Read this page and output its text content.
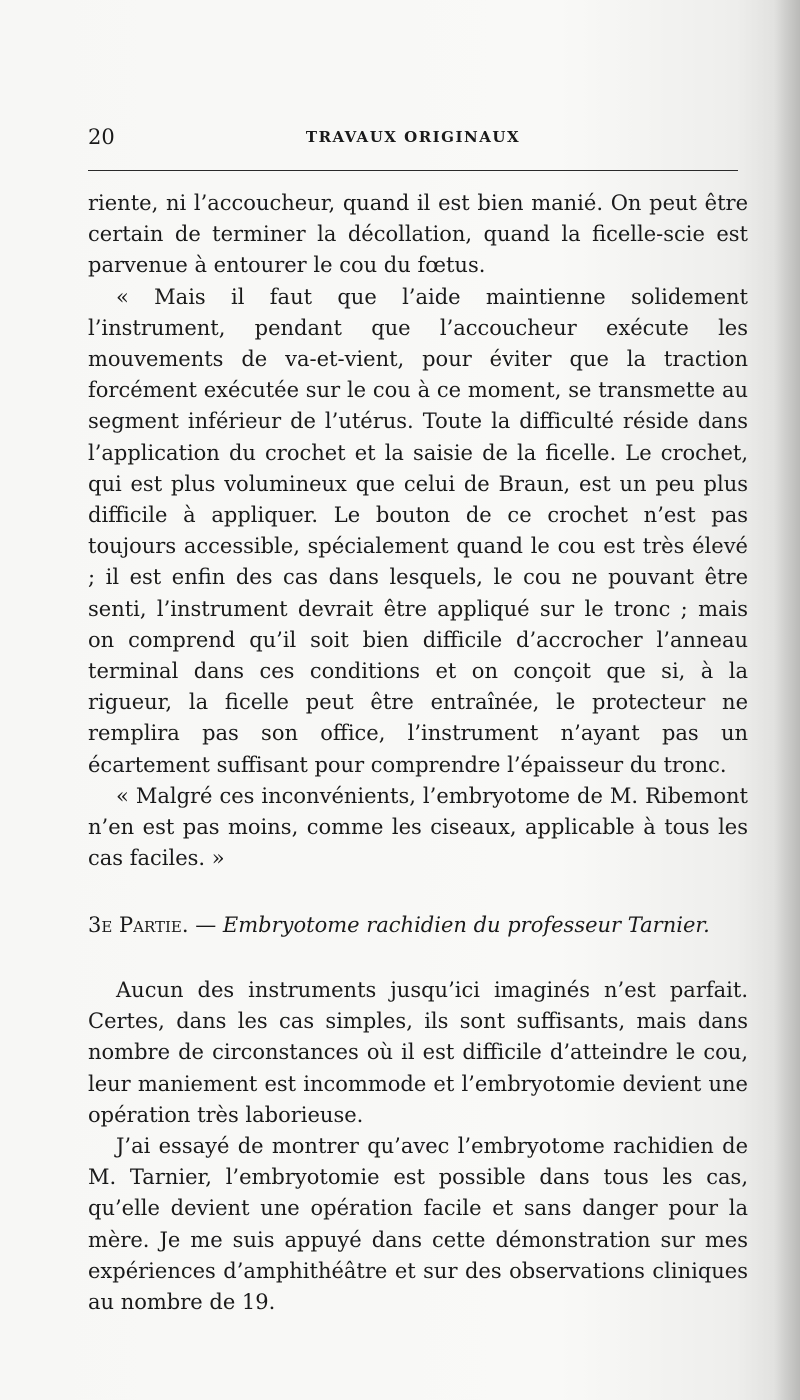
20	TRAVAUX ORIGINAUX

riente, ni l’accoucheur, quand il est bien manié. On peut être certain de terminer la décollation, quand la ficelle-scie est parvenue à entourer le cou du fœtus.

« Mais il faut que l’aide maintienne solidement l’instrument, pendant que l’accoucheur exécute les mouvements de va-et-vient, pour éviter que la traction forcément exécutée sur le cou à ce moment, se transmette au segment inférieur de l’utérus. Toute la difficulté réside dans l’application du crochet et la saisie de la ficelle. Le crochet, qui est plus volumineux que celui de Braun, est un peu plus difficile à appliquer. Le bouton de ce crochet n’est pas toujours accessible, spécialement quand le cou est très élevé ; il est enfin des cas dans lesquels, le cou ne pouvant être senti, l’instrument devrait être appliqué sur le tronc ; mais on comprend qu’il soit bien difficile d’accrocher l’anneau terminal dans ces conditions et on conçoit que si, à la rigueur, la ficelle peut être entraînée, le protecteur ne remplira pas son office, l’instrument n’ayant pas un écartement suffisant pour comprendre l’épaisseur du tronc.

« Malgré ces inconvénients, l’embryotome de M. Ribemont n’en est pas moins, comme les ciseaux, applicable à tous les cas faciles. »

3e Partie. — Embryotome rachidien du professeur Tarnier.

Aucun des instruments jusqu’ici imaginés n’est parfait. Certes, dans les cas simples, ils sont suffisants, mais dans nombre de circonstances où il est difficile d’atteindre le cou, leur maniement est incommode et l’embryotomie devient une opération très laborieuse.

J’ai essayé de montrer qu’avec l’embryotome rachidien de M. Tarnier, l’embryotomie est possible dans tous les cas, qu’elle devient une opération facile et sans danger pour la mère. Je me suis appuyé dans cette démonstration sur mes expériences d’amphithéâtre et sur des observations cliniques au nombre de 19.
